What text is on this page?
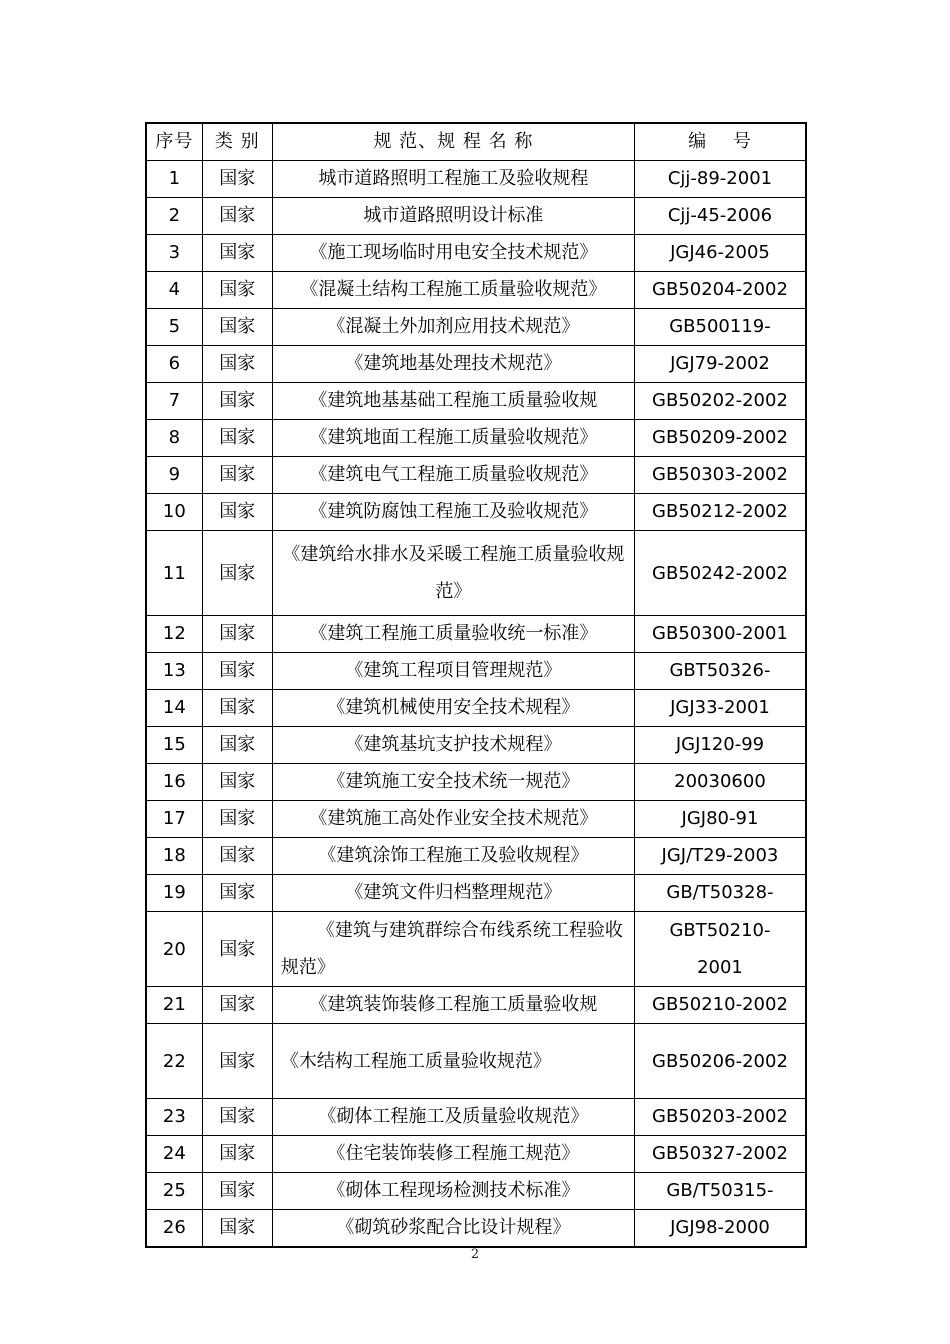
序号	类 别	规 范、规 程 名 称	编　 号
1	国家	城市道路照明工程施工及验收规程	Cjj-89-2001
2	国家	城市道路照明设计标准	Cjj-45-2006
3	国家	《施工现场临时用电安全技术规范》	JGJ46-2005
4	国家	《混凝土结构工程施工质量验收规范》	GB50204-2002
5	国家	《混凝土外加剂应用技术规范》	GB500119-
6	国家	《建筑地基处理技术规范》	JGJ79-2002
7	国家	《建筑地基基础工程施工质量验收规	GB50202-2002
8	国家	《建筑地面工程施工质量验收规范》	GB50209-2002
9	国家	《建筑电气工程施工质量验收规范》	GB50303-2002
10	国家	《建筑防腐蚀工程施工及验收规范》	GB50212-2002
11	国家	《建筑给水排水及采暖工程施工质量验收规范》	GB50242-2002
12	国家	《建筑工程施工质量验收统一标准》	GB50300-2001
13	国家	《建筑工程项目管理规范》	GBT50326-
14	国家	《建筑机械使用安全技术规程》	JGJ33-2001
15	国家	《建筑基坑支护技术规程》	JGJ120-99
16	国家	《建筑施工安全技术统一规范》	20030600
17	国家	《建筑施工高处作业安全技术规范》	JGJ80-91
18	国家	《建筑涂饰工程施工及验收规程》	JGJ/T29-2003
19	国家	《建筑文件归档整理规范》	GB/T50328-
20	国家	《建筑与建筑群综合布线系统工程验收规范》	GBT50210-2001
21	国家	《建筑装饰装修工程施工质量验收规	GB50210-2002
22	国家	《木结构工程施工质量验收规范》	GB50206-2002
23	国家	《砌体工程施工及质量验收规范》	GB50203-2002
24	国家	《住宅装饰装修工程施工规范》	GB50327-2002
25	国家	《砌体工程现场检测技术标准》	GB/T50315-
26	国家	《砌筑砂浆配合比设计规程》	JGJ98-2000
2
